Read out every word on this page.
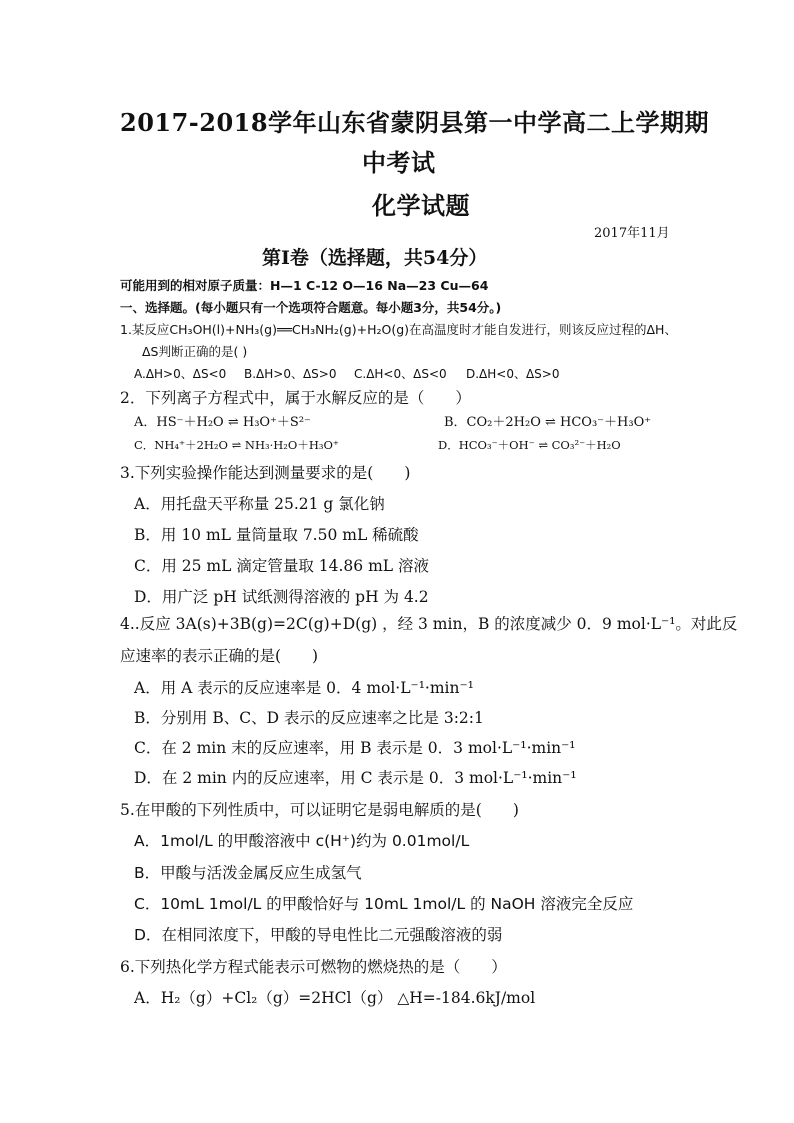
2017-2018学年山东省蒙阴县第一中学高二上学期期
中考试
化学试题
2017年11月
第Ⅰ卷（选择题，共54分）
可能用到的相对原子质量：H—1 C-12 O—16 Na—23 Cu—64
一、选择题。(每小题只有一个选项符合题意。每小题3分，共54分。)
1.某反应CH₃OH(l)+NH₃(g)══CH₃NH₂(g)+H₂O(g)在高温度时才能自发进行，则该反应过程的ΔH、
ΔS判断正确的是( )
A.ΔH>0、ΔS<0 B.ΔH>0、ΔS>0 C.ΔH<0、ΔS<0 D.ΔH<0、ΔS>0
2．下列离子方程式中，属于水解反应的是（　　）
A．HS⁻＋H₂O ⇌ H₃O⁺＋S²⁻	B．CO₂＋2H₂O ⇌ HCO₃⁻＋H₃O⁺
C．NH₄⁺＋2H₂O ⇌ NH₃·H₂O＋H₃O⁺	D．HCO₃⁻＋OH⁻ ⇌ CO₃²⁻＋H₂O
3.下列实验操作能达到测量要求的是(　　)
A．用托盘天平称量 25.21 g 氯化钠
B．用 10 mL 量筒量取 7.50 mL 稀硫酸
C．用 25 mL 滴定管量取 14.86 mL 溶液
D．用广泛 pH 试纸测得溶液的 pH 为 4.2
4..反应 3A(s)+3B(g)=2C(g)+D(g) ，经 3 min，B 的浓度减少 0．9 mol·L⁻¹。对此反
应速率的表示正确的是(　　)
A．用 A 表示的反应速率是 0．4 mol·L⁻¹·min⁻¹
B．分别用 B、C、D 表示的反应速率之比是 3:2:1
C．在 2 min 末的反应速率，用 B 表示是 0．3 mol·L⁻¹·min⁻¹
D．在 2 min 内的反应速率，用 C 表示是 0．3 mol·L⁻¹·min⁻¹
5.在甲酸的下列性质中，可以证明它是弱电解质的是(　　)
A．1mol/L 的甲酸溶液中 c(H⁺)约为 0.01mol/L
B．甲酸与活泼金属反应生成氢气
C．10mL 1mol/L 的甲酸恰好与 10mL 1mol/L 的 NaOH 溶液完全反应
D．在相同浓度下，甲酸的导电性比二元强酸溶液的弱
6.下列热化学方程式能表示可燃物的燃烧热的是（　　）
A．H₂（g）+Cl₂（g）=2HCl（g） △H=-184.6kJ/mol
